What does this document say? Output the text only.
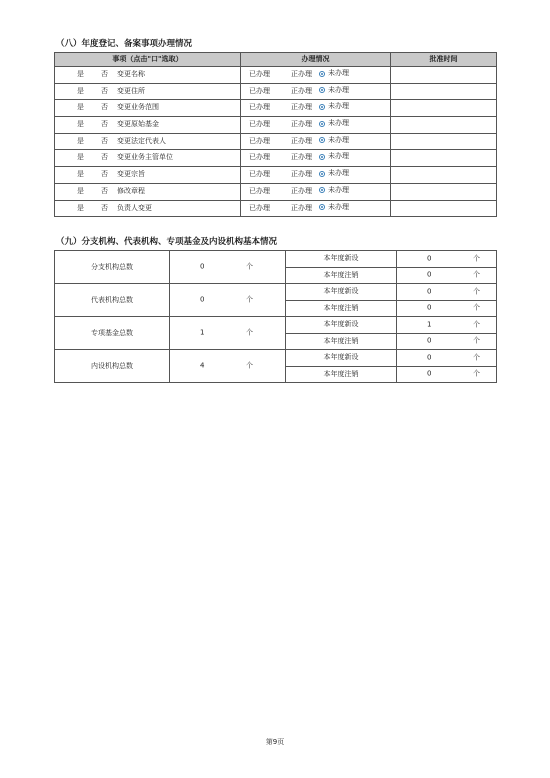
（八）年度登记、备案事项办理情况
事项（点击"口"选取）	办理情况	批准时间

是 否 变更名称	已办理 正办理 未办理	

是 否 变更住所	已办理 正办理 未办理	

是 否 变更业务范围	已办理 正办理 未办理	

是 否 变更原始基金	已办理 正办理 未办理	

是 否 变更法定代表人	已办理 正办理 未办理	

是 否 变更业务主管单位	已办理 正办理 未办理	

是 否 变更宗旨	已办理 正办理 未办理	

是 否 修改章程	已办理 正办理 未办理	

是 否 负责人变更	已办理 正办理 未办理	

（九）分支机构、代表机构、专项基金及内设机构基本情况
分支机构总数	0 个	本年度新设	0 个

		本年度注销	0 个

代表机构总数	0 个	本年度新设	0 个

		本年度注销	0 个

专项基金总数	1 个	本年度新设	1 个

		本年度注销	0 个

内设机构总数	4 个	本年度新设	0 个

		本年度注销	0 个
第9页
